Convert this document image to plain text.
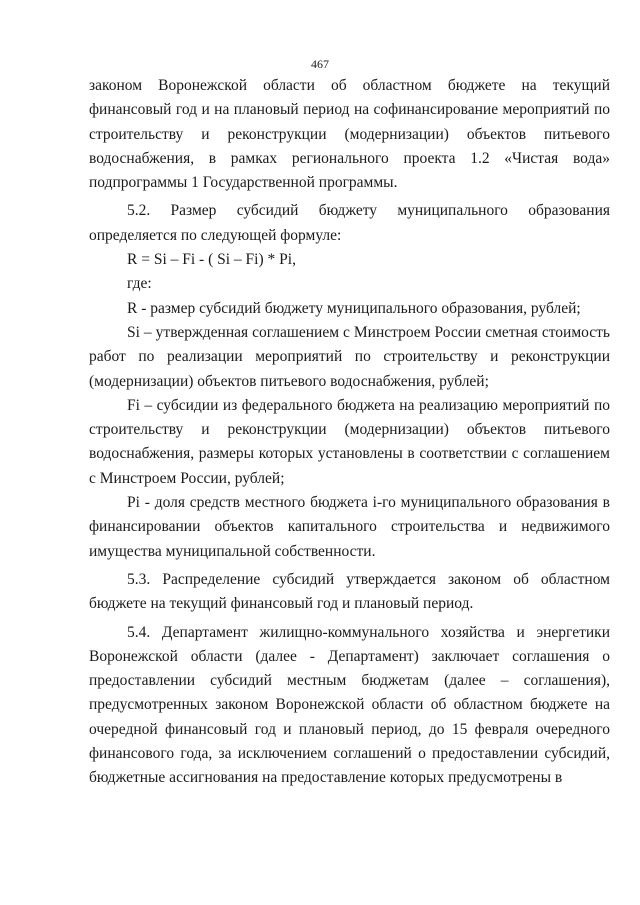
467

законом Воронежской области об областном бюджете на текущий финансовый год и на плановый период на софинансирование мероприятий по строительству и реконструкции (модернизации) объектов питьевого водоснабжения, в рамках регионального проекта 1.2 «Чистая вода» подпрограммы 1 Государственной программы.

5.2. Размер субсидий бюджету муниципального образования определяется по следующей формуле:

R = Si – Fi - ( Si – Fi) * Pi,

где:

R - размер субсидий бюджету муниципального образования, рублей;

Si – утвержденная соглашением с Минстроем России сметная стоимость работ по реализации мероприятий по строительству и реконструкции (модернизации) объектов питьевого водоснабжения, рублей;

Fi – субсидии из федерального бюджета на реализацию мероприятий по строительству и реконструкции (модернизации) объектов питьевого водоснабжения, размеры которых установлены в соответствии с соглашением с Минстроем России, рублей;

Pi - доля средств местного бюджета i-го муниципального образования в финансировании объектов капитального строительства и недвижимого имущества муниципальной собственности.

5.3. Распределение субсидий утверждается законом об областном бюджете на текущий финансовый год и плановый период.

5.4. Департамент жилищно-коммунального хозяйства и энергетики Воронежской области (далее - Департамент) заключает соглашения о предоставлении субсидий местным бюджетам (далее – соглашения), предусмотренных законом Воронежской области об областном бюджете на очередной финансовый год и плановый период, до 15 февраля очередного финансового года, за исключением соглашений о предоставлении субсидий, бюджетные ассигнования на предоставление которых предусмотрены в
